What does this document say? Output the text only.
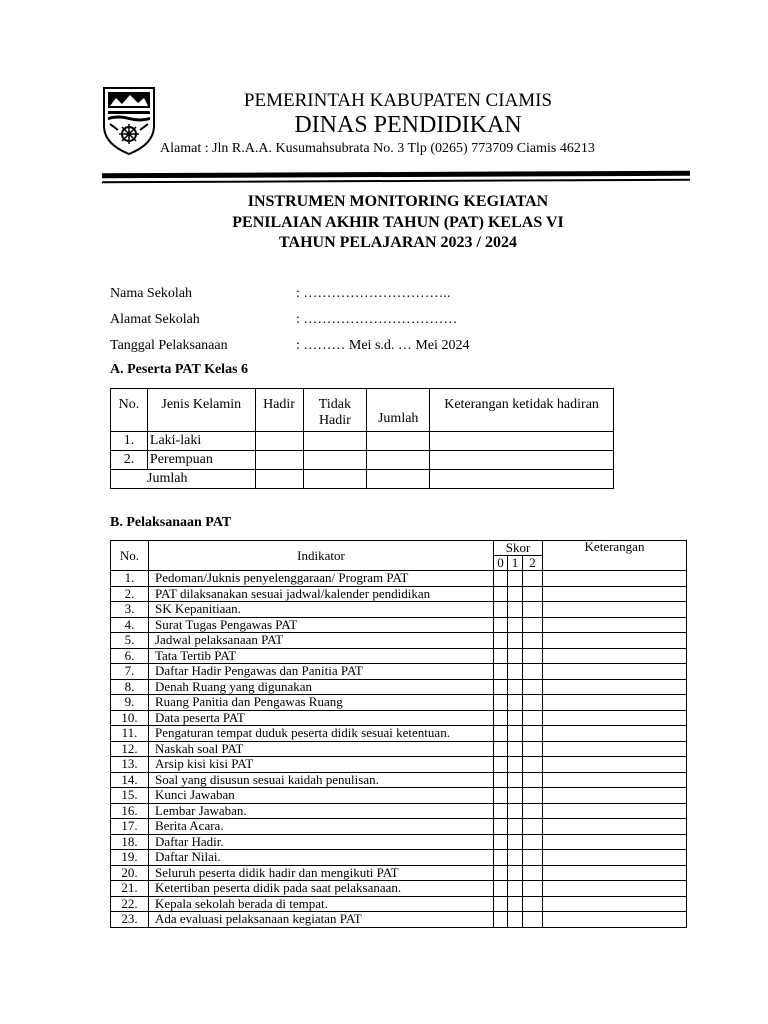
PEMERINTAH KABUPATEN CIAMIS
DINAS PENDIDIKAN
Alamat : Jln R.A.A. Kusumahsubrata No. 3 Tlp (0265) 773709 Ciamis 46213
INSTRUMEN MONITORING KEGIATAN
PENILAIAN AKHIR TAHUN (PAT) KELAS VI
TAHUN PELAJARAN 2023 / 2024
Nama Sekolah	: …………………………..
Alamat Sekolah	: ……………………………
Tanggal Pelaksanaan	: ……… Mei s.d. … Mei 2024
A. Peserta PAT Kelas 6
No.	Jenis Kelamin	Hadir	Tidak Hadir	Jumlah	Keterangan ketidak hadiran
1.	Laki-laki				
2.	Perempuan				
Jumlah					
B. Pelaksanaan PAT
No.	Indikator	Skor			Keterangan
		0	1	2	
1.	Pedoman/Juknis penyelenggaraan/ Program PAT				
2.	PAT dilaksanakan sesuai jadwal/kalender pendidikan				
3.	SK Kepanitiaan.				
4.	Surat Tugas Pengawas PAT				
5.	Jadwal pelaksanaan PAT				
6.	Tata Tertib PAT				
7.	Daftar Hadir Pengawas dan Panitia PAT				
8.	Denah Ruang yang digunakan				
9.	Ruang Panitia dan Pengawas Ruang				
10.	Data peserta PAT				
11.	Pengaturan tempat duduk peserta didik sesuai ketentuan.				
12.	Naskah soal PAT				
13.	Arsip kisi kisi PAT				
14.	Soal yang disusun sesuai kaidah penulisan.				
15.	Kunci Jawaban				
16.	Lembar Jawaban.				
17.	Berita Acara.				
18.	Daftar Hadir.				
19.	Daftar Nilai.				
20.	Seluruh peserta didik hadir dan mengikuti PAT				
21.	Ketertiban peserta didik pada saat pelaksanaan.				
22.	Kepala sekolah berada di tempat.				
23.	Ada evaluasi pelaksanaan kegiatan PAT				
